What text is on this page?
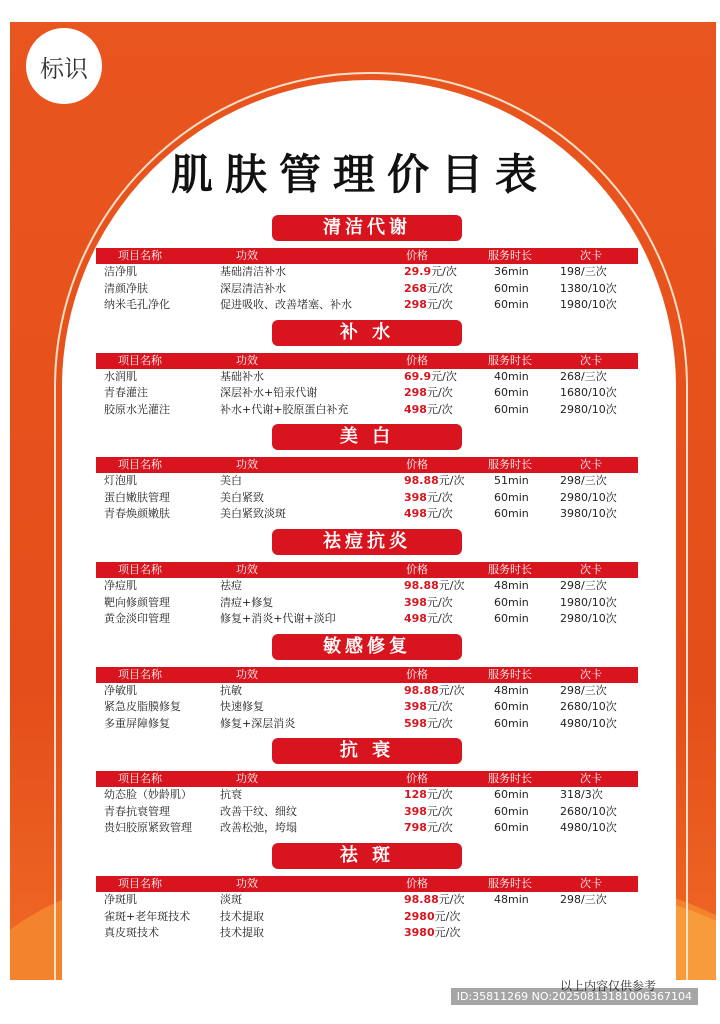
标识
肌肤管理价目表
清洁代谢
项目名称	功效	价格	服务时长	次卡
洁净肌	基础清洁补水	29.9元/次	36min	198/三次
清颜净肤	深层清洁补水	268元/次	60min	1380/10次
纳米毛孔净化	促进吸收、改善堵塞、补水	298元/次	60min	1980/10次
补 水
项目名称	功效	价格	服务时长	次卡
水润肌	基础补水	69.9元/次	40min	268/三次
青春灌注	深层补水+铅汞代谢	298元/次	60min	1680/10次
胶原水光灌注	补水+代谢+胶原蛋白补充	498元/次	60min	2980/10次
美 白
项目名称	功效	价格	服务时长	次卡
灯泡肌	美白	98.88元/次	51min	298/三次
蛋白嫩肤管理	美白紧致	398元/次	60min	2980/10次
青春焕颜嫩肤	美白紧致淡斑	498元/次	60min	3980/10次
祛痘抗炎
项目名称	功效	价格	服务时长	次卡
净痘肌	祛痘	98.88元/次	48min	298/三次
靶向修颜管理	清痘+修复	398元/次	60min	1980/10次
黄金淡印管理	修复+消炎+代谢+淡印	498元/次	60min	2980/10次
敏感修复
项目名称	功效	价格	服务时长	次卡
净敏肌	抗敏	98.88元/次	48min	298/三次
紧急皮脂膜修复	快速修复	398元/次	60min	2680/10次
多重屏障修复	修复+深层消炎	598元/次	60min	4980/10次
抗 衰
项目名称	功效	价格	服务时长	次卡
幼态脸（妙龄肌）	抗衰	128元/次	60min	318/3次
青春抗衰管理	改善干纹、细纹	398元/次	60min	2680/10次
贵妇胶原紧致管理	改善松弛，垮塌	798元/次	60min	4980/10次
祛 斑
项目名称	功效	价格	服务时长	次卡
净斑肌	淡斑	98.88元/次	48min	298/三次
雀斑+老年斑技术	技术提取	2980元/次
真皮斑技术	技术提取	3980元/次
以上内容仅供参考
昵享网 www.nipic.cn	ID:35811269 NO:20250813181006367104
